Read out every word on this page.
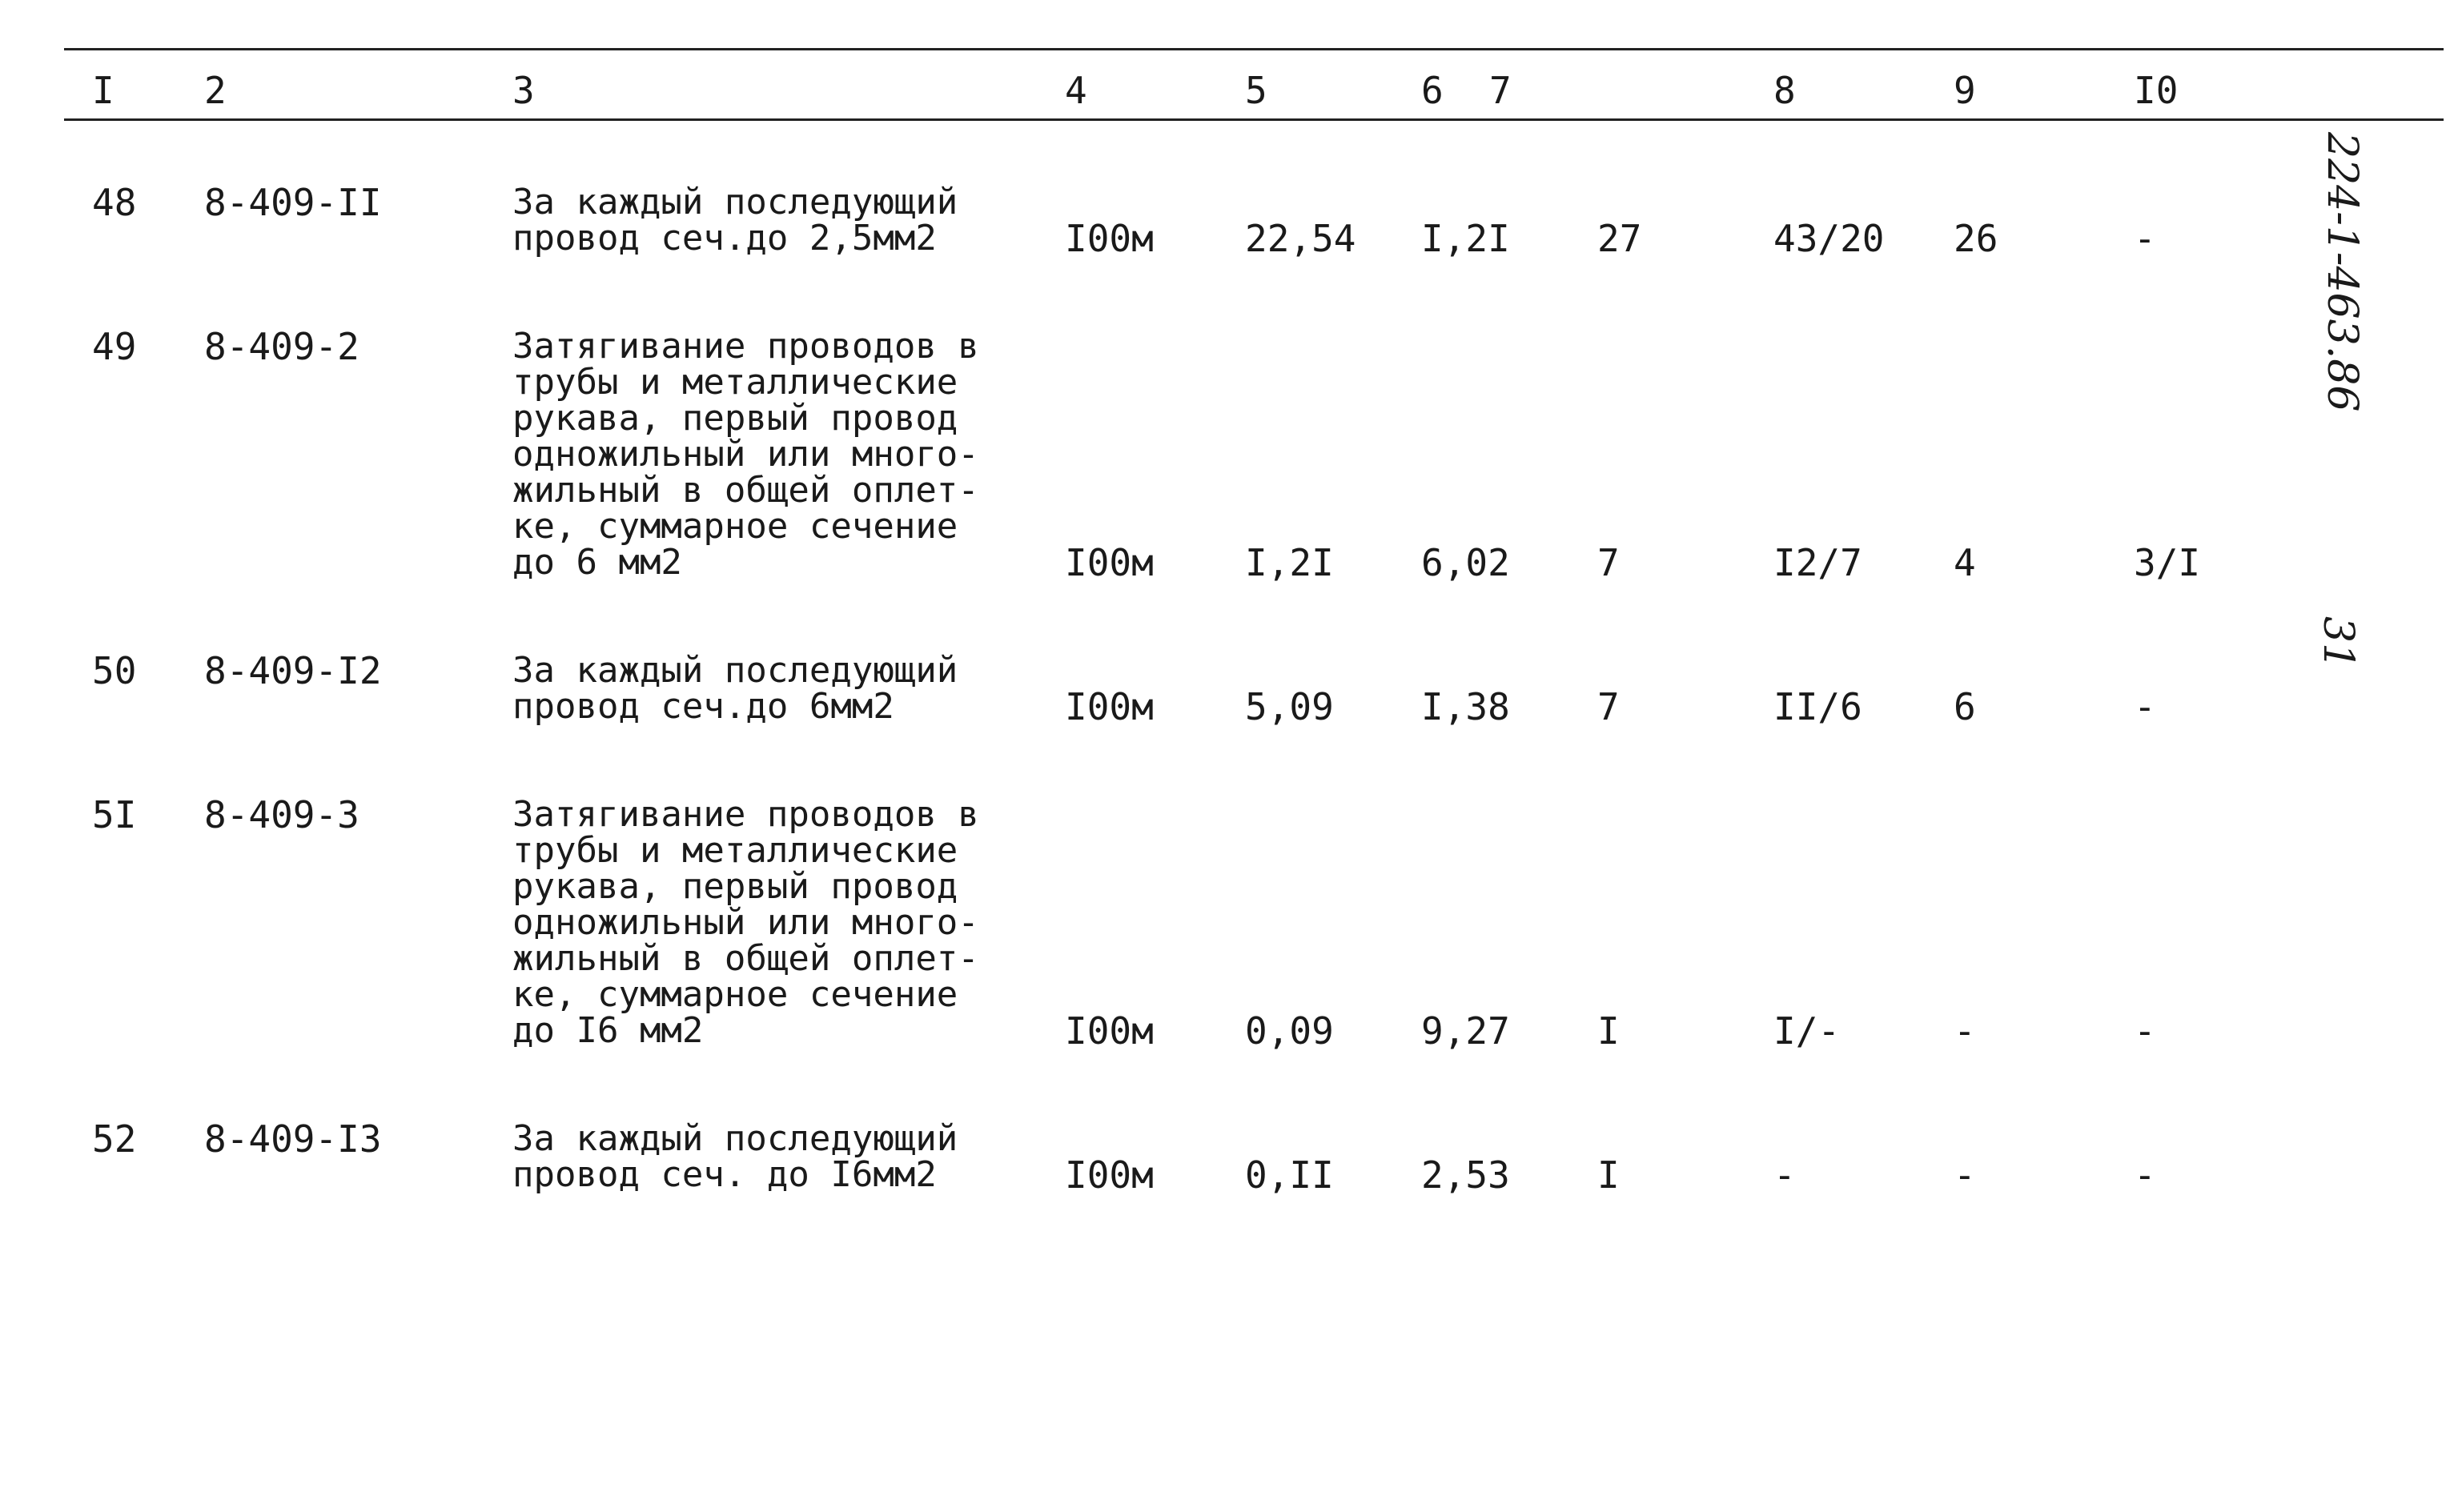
I 2	3	4	5	6 7	8	9	I0
48 8-409-II	За каждый последующий
провод сеч.до 2,5мм2	I00м 22,54 I,2I 27	43/20 26	-
49 8-409-2	Затягивание проводов в
трубы и металлические
рукава, первый провод
одножильный или много-
жильный в общей оплет-
ке, суммарное сечение
до 6 мм2	I00м I,2I 6,02 7	I2/7 4	3/I
50 8-409-I2	За каждый последующий
провод сеч.до 6мм2	I00м 5,09 I,38 7	II/6 6	-
5I 8-409-3	Затягивание проводов в
трубы и металлические
рукава, первый провод
одножильный или много-
жильный в общей оплет-
ке, суммарное сечение
до I6 мм2	I00м 0,09 9,27 I	I/-	-	-
52 8-409-I3	За каждый последующий
провод сеч. до I6мм2	I00м 0,II 2,53 I	-	-	-
224-1-463.86
31
